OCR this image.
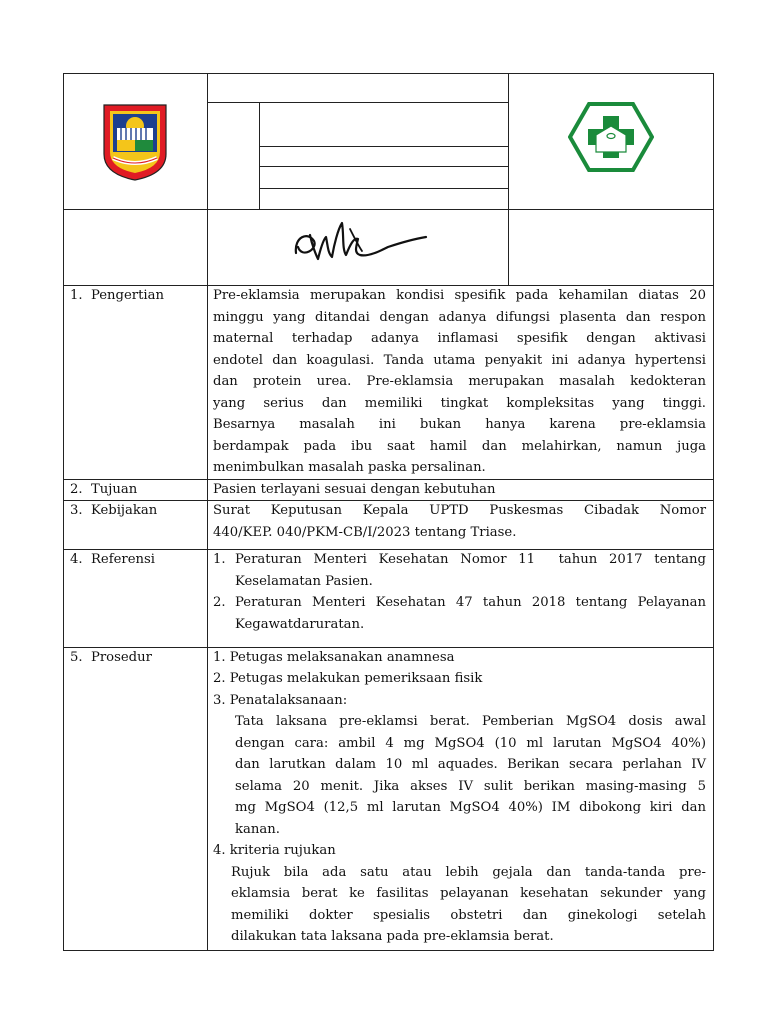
1.  Pengertian	Pre-eklamsia merupakan kondisi spesifik pada kehamilan diatas 20
minggu yang ditandai dengan adanya difungsi plasenta dan respon
maternal terhadap adanya inflamasi spesifik dengan aktivasi
endotel dan koagulasi. Tanda utama penyakit ini adanya hypertensi
dan protein urea. Pre-eklamsia merupakan masalah kedokteran
yang serius dan memiliki tingkat kompleksitas yang tinggi.
Besarnya masalah ini bukan hanya karena pre-eklamsia
berdampak pada ibu saat hamil dan melahirkan, namun juga
menimbulkan masalah paska persalinan.
2.  Tujuan	Pasien terlayani sesuai dengan kebutuhan
3.  Kebijakan	Surat Keputusan Kepala UPTD Puskesmas Cibadak Nomor
440/KEP. 040/PKM-CB/I/2023 tentang Triase.
4.  Referensi	1. Peraturan Menteri Kesehatan Nomor 11  tahun 2017 tentang
Keselamatan Pasien.
2. Peraturan Menteri Kesehatan 47 tahun 2018 tentang Pelayanan
Kegawatdaruratan.
5.  Prosedur	1. Petugas melaksanakan anamnesa
2. Petugas melakukan pemeriksaan fisik
3. Penatalaksanaan:
Tata laksana pre-eklamsi berat. Pemberian MgSO4 dosis awal
dengan cara: ambil 4 mg MgSO4 (10 ml larutan MgSO4 40%)
dan larutkan dalam 10 ml aquades. Berikan secara perlahan IV
selama 20 menit. Jika akses IV sulit berikan masing-masing 5
mg MgSO4 (12,5 ml larutan MgSO4 40%) IM dibokong kiri dan
kanan.
4. kriteria rujukan
Rujuk bila ada satu atau lebih gejala dan tanda-tanda pre-
eklamsia berat ke fasilitas pelayanan kesehatan sekunder yang
memiliki dokter spesialis obstetri dan ginekologi setelah
dilakukan tata laksana pada pre-eklamsia berat.
